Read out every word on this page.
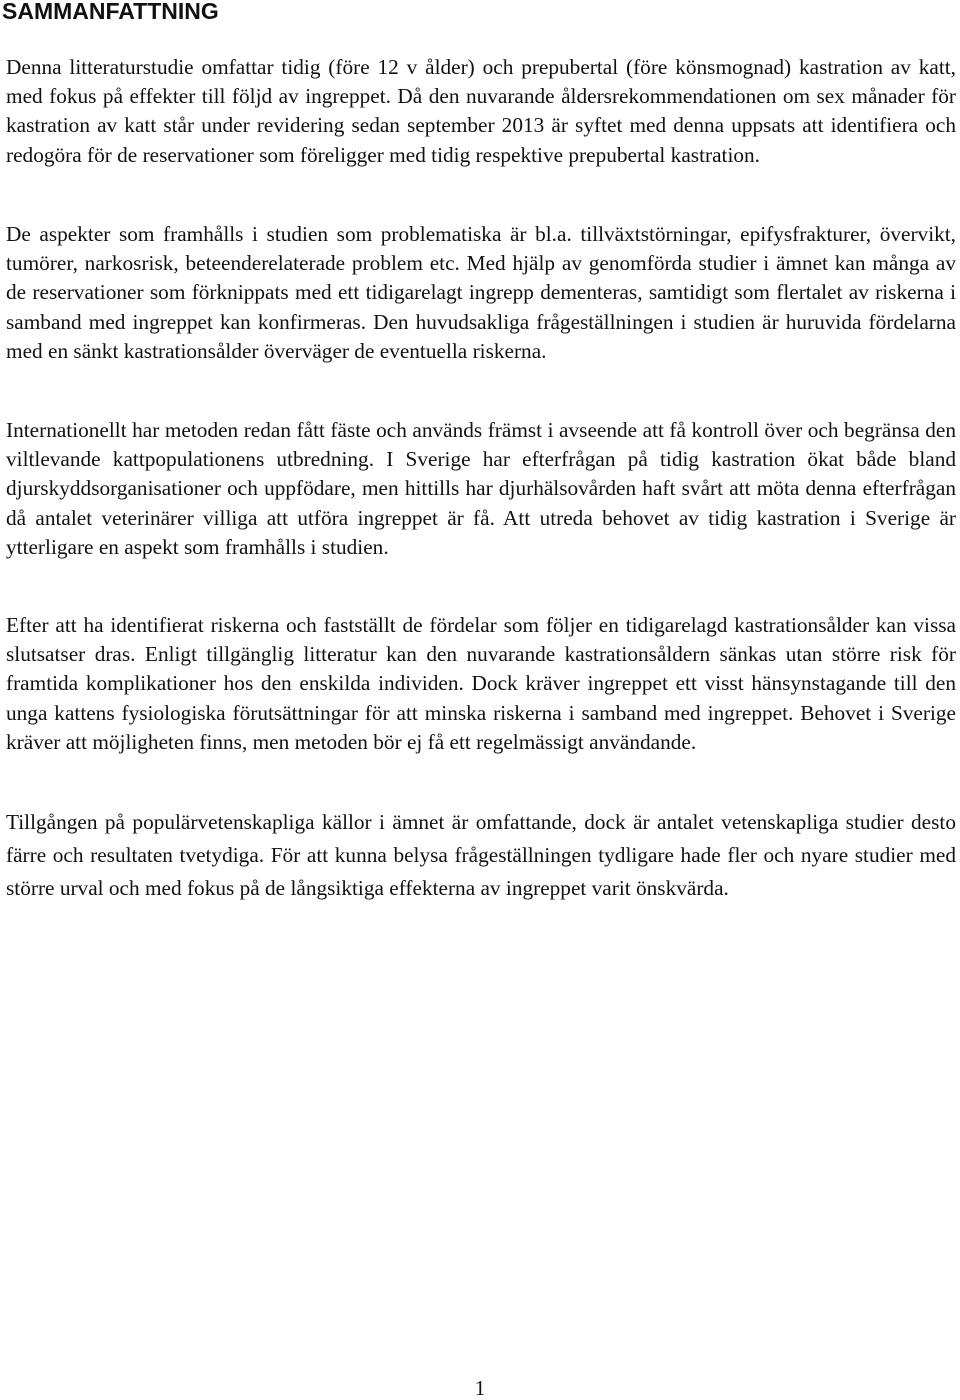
SAMMANFATTNING

Denna litteraturstudie omfattar tidig (före 12 v ålder) och prepubertal (före könsmognad) kastration av katt, med fokus på effekter till följd av ingreppet. Då den nuvarande åldersrekommendationen om sex månader för kastration av katt står under revidering sedan september 2013 är syftet med denna uppsats att identifiera och redogöra för de reservationer som föreligger med tidig respektive prepubertal kastration.

De aspekter som framhålls i studien som problematiska är bl.a. tillväxtstörningar, epifysfrakturer, övervikt, tumörer, narkosrisk, beteenderelaterade problem etc. Med hjälp av genomförda studier i ämnet kan många av de reservationer som förknippats med ett tidigarelagt ingrepp dementeras, samtidigt som flertalet av riskerna i samband med ingreppet kan konfirmeras. Den huvudsakliga frågeställningen i studien är huruvida fördelarna med en sänkt kastrationsålder överväger de eventuella riskerna.

Internationellt har metoden redan fått fäste och används främst i avseende att få kontroll över och begränsa den viltlevande kattpopulationens utbredning. I Sverige har efterfrågan på tidig kastration ökat både bland djurskyddsorganisationer och uppfödare, men hittills har djurhälsovården haft svårt att möta denna efterfrågan då antalet veterinärer villiga att utföra ingreppet är få. Att utreda behovet av tidig kastration i Sverige är ytterligare en aspekt som framhålls i studien.

Efter att ha identifierat riskerna och fastställt de fördelar som följer en tidigarelagd kastrationsålder kan vissa slutsatser dras. Enligt tillgänglig litteratur kan den nuvarande kastrationsåldern sänkas utan större risk för framtida komplikationer hos den enskilda individen. Dock kräver ingreppet ett visst hänsynstagande till den unga kattens fysiologiska förutsättningar för att minska riskerna i samband med ingreppet. Behovet i Sverige kräver att möjligheten finns, men metoden bör ej få ett regelmässigt användande.

Tillgången på populärvetenskapliga källor i ämnet är omfattande, dock är antalet vetenskapliga studier desto färre och resultaten tvetydiga. För att kunna belysa frågeställningen tydligare hade fler och nyare studier med större urval och med fokus på de långsiktiga effekterna av ingreppet varit önskvärda.

1
